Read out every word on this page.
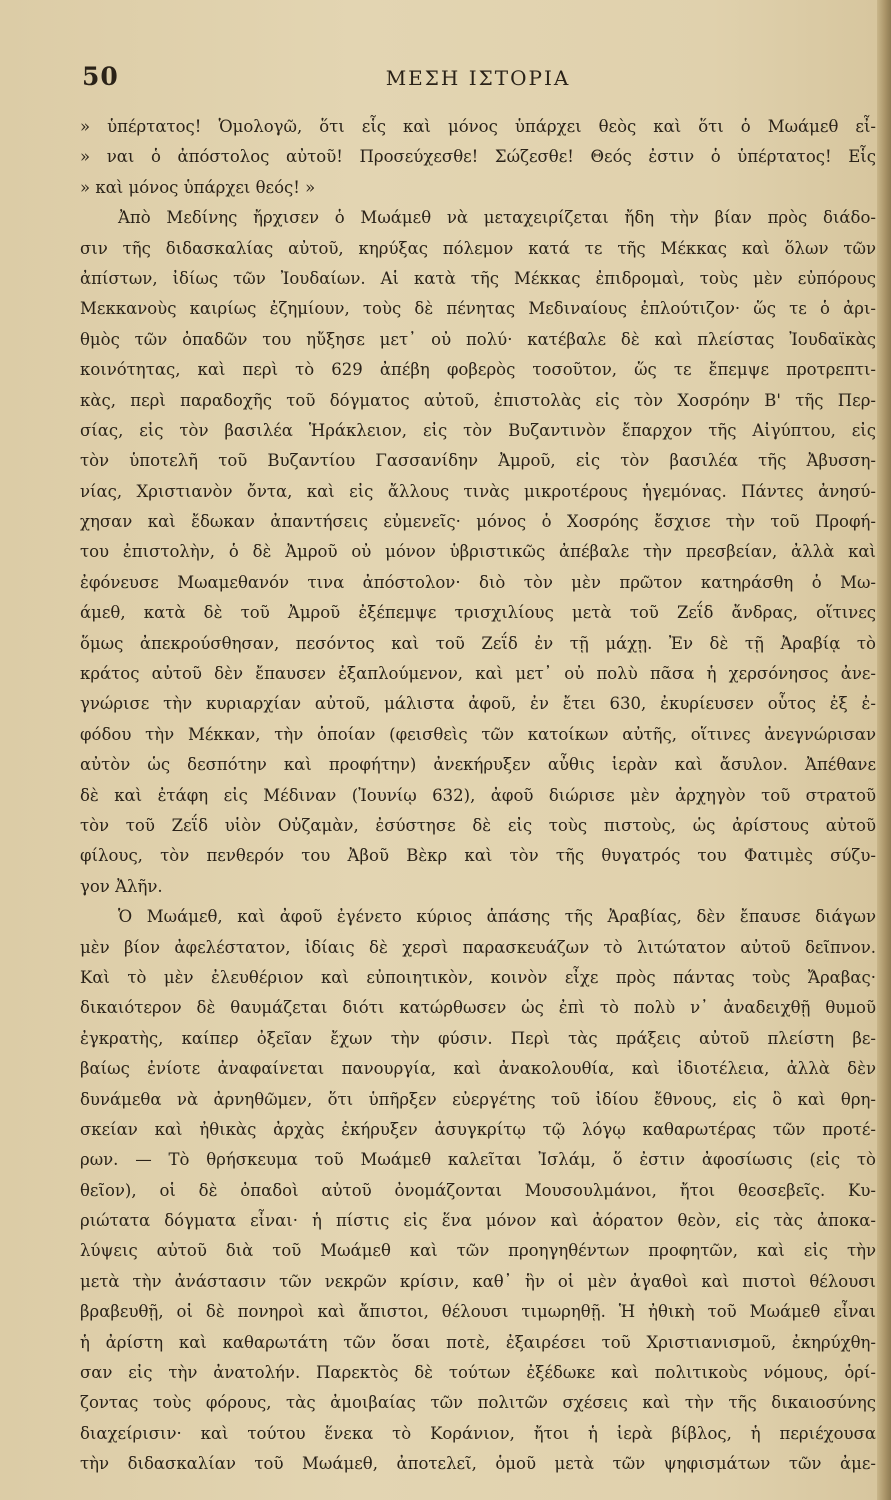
50	ΜΕΣΗ ΙΣΤΟΡΙΑ
» ὑπέρτατος! Ὁμολογῶ, ὅτι εἷς καὶ μόνος ὑπάρχει θεὸς καὶ ὅτι ὁ Μωάμεθ εἶ-
» ναι ὁ ἀπόστολος αὐτοῦ! Προσεύχεσθε! Σώζεσθε! Θεός ἐστιν ὁ ὑπέρτατος! Εἷς
» καὶ μόνος ὑπάρχει θεός! »
Ἀπὸ Μεδίνης ἤρχισεν ὁ Μωάμεθ νὰ μεταχειρίζεται ἤδη τὴν βίαν πρὸς διάδο-
σιν τῆς διδασκαλίας αὐτοῦ, κηρύξας πόλεμον κατά τε τῆς Μέκκας καὶ ὅλων τῶν
ἀπίστων, ἰδίως τῶν Ἰουδαίων. Αἱ κατὰ τῆς Μέκκας ἐπιδρομαὶ, τοὺς μὲν εὐπόρους
Μεκκανοὺς καιρίως ἐζημίουν, τοὺς δὲ πένητας Μεδιναίους ἐπλούτιζον· ὥς τε ὁ ἀρι-
θμὸς τῶν ὀπαδῶν του ηὔξησε μετ᾽ οὐ πολύ· κατέβαλε δὲ καὶ πλείστας Ἰουδαϊκὰς
κοινότητας, καὶ περὶ τὸ 629 ἀπέβη φοβερὸς τοσοῦτον, ὥς τε ἔπεμψε προτρεπτι-
κὰς, περὶ παραδοχῆς τοῦ δόγματος αὐτοῦ, ἐπιστολὰς εἰς τὸν Χοσρόην Β' τῆς Περ-
σίας, εἰς τὸν βασιλέα Ἡράκλειον, εἰς τὸν Βυζαντινὸν ἔπαρχον τῆς Αἰγύπτου, εἰς
τὸν ὑποτελῆ τοῦ Βυζαντίου Γασσανίδην Ἀμροῦ, εἰς τὸν βασιλέα τῆς Ἀβυσση-
νίας, Χριστιανὸν ὄντα, καὶ εἰς ἄλλους τινὰς μικροτέρους ἡγεμόνας. Πάντες ἀνησύ-
χησαν καὶ ἔδωκαν ἀπαντήσεις εὐμενεῖς· μόνος ὁ Χοσρόης ἔσχισε τὴν τοῦ Προφή-
του ἐπιστολὴν, ὁ δὲ Ἀμροῦ οὐ μόνον ὑβριστικῶς ἀπέβαλε τὴν πρεσβείαν, ἀλλὰ καὶ
ἐφόνευσε Μωαμεθανόν τινα ἀπόστολον· διὸ τὸν μὲν πρῶτον κατηράσθη ὁ Μω-
άμεθ, κατὰ δὲ τοῦ Ἀμροῦ ἐξέπεμψε τρισχιλίους μετὰ τοῦ Ζεΐδ ἄνδρας, οἵτινες
ὅμως ἀπεκρούσθησαν, πεσόντος καὶ τοῦ Ζεΐδ ἐν τῇ μάχῃ. Ἐν δὲ τῇ Ἀραβίᾳ τὸ
κράτος αὐτοῦ δὲν ἔπαυσεν ἐξαπλούμενον, καὶ μετ᾽ οὐ πολὺ πᾶσα ἡ χερσόνησος ἀνε-
γνώρισε τὴν κυριαρχίαν αὐτοῦ, μάλιστα ἀφοῦ, ἐν ἔτει 630, ἐκυρίευσεν οὗτος ἐξ ἐ-
φόδου τὴν Μέκκαν, τὴν ὁποίαν (φεισθεὶς τῶν κατοίκων αὐτῆς, οἵτινες ἀνεγνώρισαν
αὐτὸν ὡς δεσπότην καὶ προφήτην) ἀνεκήρυξεν αὖθις ἱερὰν καὶ ἄσυλον. Ἀπέθανε
δὲ καὶ ἐτάφη εἰς Μέδιναν (Ἰουνίῳ 632), ἀφοῦ διώρισε μὲν ἀρχηγὸν τοῦ στρατοῦ
τὸν τοῦ Ζεΐδ υἱὸν Οὐζαμὰν, ἐσύστησε δὲ εἰς τοὺς πιστοὺς, ὡς ἀρίστους αὐτοῦ
φίλους, τὸν πενθερόν του Ἀβοῦ Βὲκρ καὶ τὸν τῆς θυγατρός του Φατιμὲς σύζυ-
γον Ἀλῆν.
Ὁ Μωάμεθ, καὶ ἀφοῦ ἐγένετο κύριος ἁπάσης τῆς Ἀραβίας, δὲν ἔπαυσε διάγων
μὲν βίον ἀφελέστατον, ἰδίαις δὲ χερσὶ παρασκευάζων τὸ λιτώτατον αὐτοῦ δεῖπνον.
Καὶ τὸ μὲν ἐλευθέριον καὶ εὐποιητικὸν, κοινὸν εἶχε πρὸς πάντας τοὺς Ἄραβας·
δικαιότερον δὲ θαυμάζεται διότι κατώρθωσεν ὡς ἐπὶ τὸ πολὺ ν᾽ ἀναδειχθῇ θυμοῦ
ἐγκρατὴς, καίπερ ὀξεῖαν ἔχων τὴν φύσιν. Περὶ τὰς πράξεις αὐτοῦ πλείστη βε-
βαίως ἐνίοτε ἀναφαίνεται πανουργία, καὶ ἀνακολουθία, καὶ ἰδιοτέλεια, ἀλλὰ δὲν
δυνάμεθα νὰ ἀρνηθῶμεν, ὅτι ὑπῆρξεν εὐεργέτης τοῦ ἰδίου ἔθνους, εἰς ὃ καὶ θρη-
σκείαν καὶ ἠθικὰς ἀρχὰς ἐκήρυξεν ἀσυγκρίτῳ τῷ λόγῳ καθαρωτέρας τῶν προτέ-
ρων. — Τὸ θρήσκευμα τοῦ Μωάμεθ καλεῖται Ἰσλάμ, ὅ ἐστιν ἀφοσίωσις (εἰς τὸ
θεῖον), οἱ δὲ ὀπαδοὶ αὐτοῦ ὀνομάζονται Μουσουλμάνοι, ἤτοι θεοσεβεῖς. Κυ-
ριώτατα δόγματα εἶναι· ἡ πίστις εἰς ἕνα μόνον καὶ ἀόρατον θεὸν, εἰς τὰς ἀποκα-
λύψεις αὐτοῦ διὰ τοῦ Μωάμεθ καὶ τῶν προηγηθέντων προφητῶν, καὶ εἰς τὴν
μετὰ τὴν ἀνάστασιν τῶν νεκρῶν κρίσιν, καθ᾽ ἣν οἱ μὲν ἀγαθοὶ καὶ πιστοὶ θέλουσι
βραβευθῇ, οἱ δὲ πονηροὶ καὶ ἄπιστοι, θέλουσι τιμωρηθῇ. Ἡ ἠθικὴ τοῦ Μωάμεθ εἶναι
ἡ ἀρίστη καὶ καθαρωτάτη τῶν ὅσαι ποτὲ, ἐξαιρέσει τοῦ Χριστιανισμοῦ, ἐκηρύχθη-
σαν εἰς τὴν ἀνατολήν. Παρεκτὸς δὲ τούτων ἐξέδωκε καὶ πολιτικοὺς νόμους, ὁρί-
ζοντας τοὺς φόρους, τὰς ἀμοιβαίας τῶν πολιτῶν σχέσεις καὶ τὴν τῆς δικαιοσύνης
διαχείρισιν· καὶ τούτου ἕνεκα τὸ Κοράνιον, ἤτοι ἡ ἱερὰ βίβλος, ἡ περιέχουσα
τὴν διδασκαλίαν τοῦ Μωάμεθ, ἀποτελεῖ, ὁμοῦ μετὰ τῶν ψηφισμάτων τῶν ἀμε-
